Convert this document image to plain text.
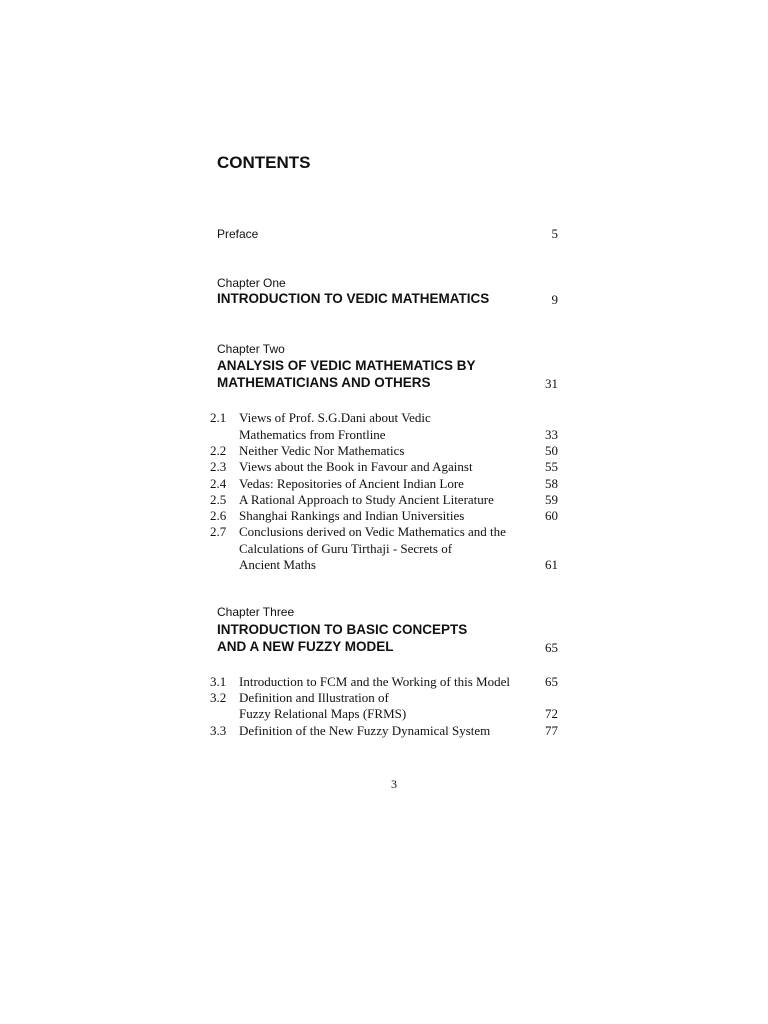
CONTENTS
Preface	5
Chapter One
INTRODUCTION TO VEDIC MATHEMATICS	9
Chapter Two
ANALYSIS OF VEDIC MATHEMATICS BY
MATHEMATICIANS AND OTHERS	31
2.1 Views of Prof. S.G.Dani about Vedic
Mathematics from Frontline	33
2.2 Neither Vedic Nor Mathematics	50
2.3 Views about the Book in Favour and Against	55
2.4 Vedas: Repositories of Ancient Indian Lore	58
2.5 A Rational Approach to Study Ancient Literature	59
2.6 Shanghai Rankings and Indian Universities	60
2.7 Conclusions derived on Vedic Mathematics and the
Calculations of Guru Tirthaji - Secrets of
Ancient Maths	61
Chapter Three
INTRODUCTION TO BASIC CONCEPTS
AND A NEW FUZZY MODEL	65
3.1 Introduction to FCM and the Working of this Model	65
3.2 Definition and Illustration of
Fuzzy Relational Maps (FRMS)	72
3.3 Definition of the New Fuzzy Dynamical System	77
3
